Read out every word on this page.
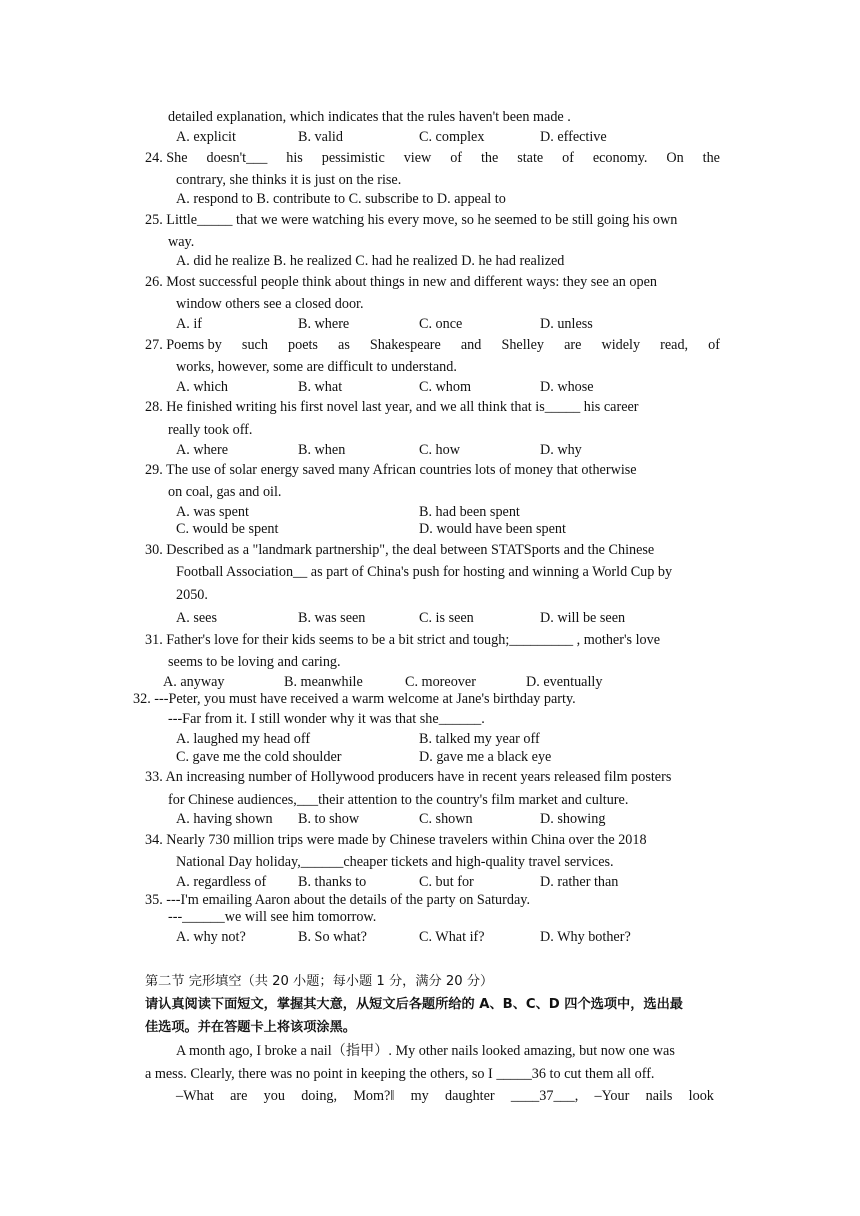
detailed explanation, which indicates that the rules haven't been made .
A. explicit	B. valid	C. complex	D. effective
24. She doesn't___ his pessimistic view of the state of economy. On the
contrary, she thinks it is just on the rise.
A. respond to B. contribute to C. subscribe to D. appeal to
25. Little_____ that we were watching his every move, so he seemed to be still going his own
way.
A. did he realize B. he realized C. had he realized D. he had realized
26. Most successful people think about things in new and different ways: they see an open
window others see a closed door.
A. if	B. where	C. once	D. unless
27. Poems by such poets as Shakespeare and Shelley are widely read, of
works, however, some are difficult to understand.
A. which	B. what	C. whom	D. whose
28. He finished writing his first novel last year, and we all think that is_____ his career
really took off.
A. where	B. when	C. how	D. why
29. The use of solar energy saved many African countries lots of money that otherwise
on coal, gas and oil.
A. was spent	B. had been spent
C. would be spent	D. would have been spent
30. Described as a "landmark partnership", the deal between STATSports and the Chinese
Football Association__ as part of China's push for hosting and winning a World Cup by
2050.
A. sees	B. was seen	C. is seen	D. will be seen
31. Father's love for their kids seems to be a bit strict and tough;_________ , mother's love
seems to be loving and caring.
A. anyway	B. meanwhile	C. moreover	D. eventually
32. ---Peter, you must have received a warm welcome at Jane's birthday party.
---Far from it. I still wonder why it was that she______.
A. laughed my head off	B. talked my year off
C. gave me the cold shoulder	D. gave me a black eye
33. An increasing number of Hollywood producers have in recent years released film posters
for Chinese audiences,___their attention to the country's film market and culture.
A. having shown B. to show	C. shown	D. showing
34. Nearly 730 million trips were made by Chinese travelers within China over the 2018
National Day holiday,______cheaper tickets and high-quality travel services.
A. regardless of B. thanks to	C. but for	D. rather than
35. ---I'm emailing Aaron about the details of the party on Saturday.
---______we will see him tomorrow.
A. why not?	B. So what?	C. What if?	D. Why bother?
第二节 完形填空（共 20 小题；每小题 1 分，满分 20 分）
请认真阅读下面短文，掌握其大意，从短文后各题所给的 A、B、C、D 四个选项中，选出最
佳选项。并在答题卡上将该项涂黑。
A month ago, I broke a nail（指甲）. My other nails looked amazing, but now one was
a mess. Clearly, there was no point in keeping the others, so I _____36 to cut them all off.
–What are you doing, Mom?‖ my daughter ____37___, –Your nails look
